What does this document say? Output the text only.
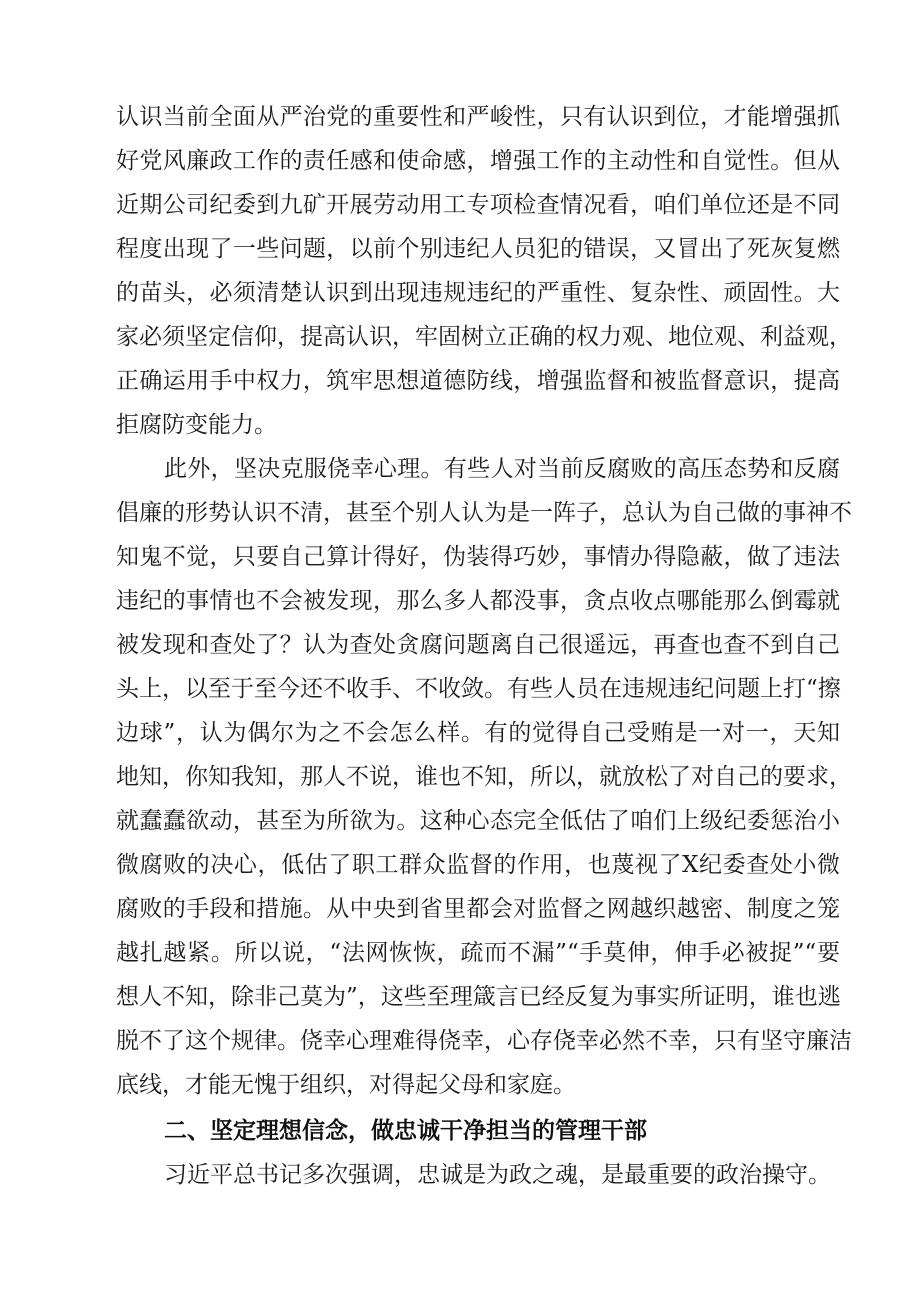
认识当前全面从严治党的重要性和严峻性，只有认识到位，才能增强抓
好党风廉政工作的责任感和使命感，增强工作的主动性和自觉性。但从
近期公司纪委到九矿开展劳动用工专项检查情况看，咱们单位还是不同
程度出现了一些问题，以前个别违纪人员犯的错误，又冒出了死灰复燃
的苗头，必须清楚认识到出现违规违纪的严重性、复杂性、顽固性。大
家必须坚定信仰，提高认识，牢固树立正确的权力观、地位观、利益观，
正确运用手中权力，筑牢思想道德防线，增强监督和被监督意识，提高
拒腐防变能力。
此外，坚决克服侥幸心理。有些人对当前反腐败的高压态势和反腐
倡廉的形势认识不清，甚至个别人认为是一阵子，总认为自己做的事神不
知鬼不觉，只要自己算计得好，伪装得巧妙，事情办得隐蔽，做了违法
违纪的事情也不会被发现，那么多人都没事，贪点收点哪能那么倒霉就
被发现和查处了？认为查处贪腐问题离自己很遥远，再查也查不到自己
头上，以至于至今还不收手、不收敛。有些人员在违规违纪问题上打“擦
边球”，认为偶尔为之不会怎么样。有的觉得自己受贿是一对一，天知
地知，你知我知，那人不说，谁也不知，所以，就放松了对自己的要求，
就蠢蠢欲动，甚至为所欲为。这种心态完全低估了咱们上级纪委惩治小
微腐败的决心，低估了职工群众监督的作用，也蔑视了X纪委查处小微
腐败的手段和措施。从中央到省里都会对监督之网越织越密、制度之笼
越扎越紧。所以说，“法网恢恢，疏而不漏”“手莫伸，伸手必被捉”“要
想人不知，除非己莫为”，这些至理箴言已经反复为事实所证明，谁也逃
脱不了这个规律。侥幸心理难得侥幸，心存侥幸必然不幸，只有坚守廉洁
底线，才能无愧于组织，对得起父母和家庭。
二、坚定理想信念，做忠诚干净担当的管理干部
习近平总书记多次强调，忠诚是为政之魂，是最重要的政治操守。
